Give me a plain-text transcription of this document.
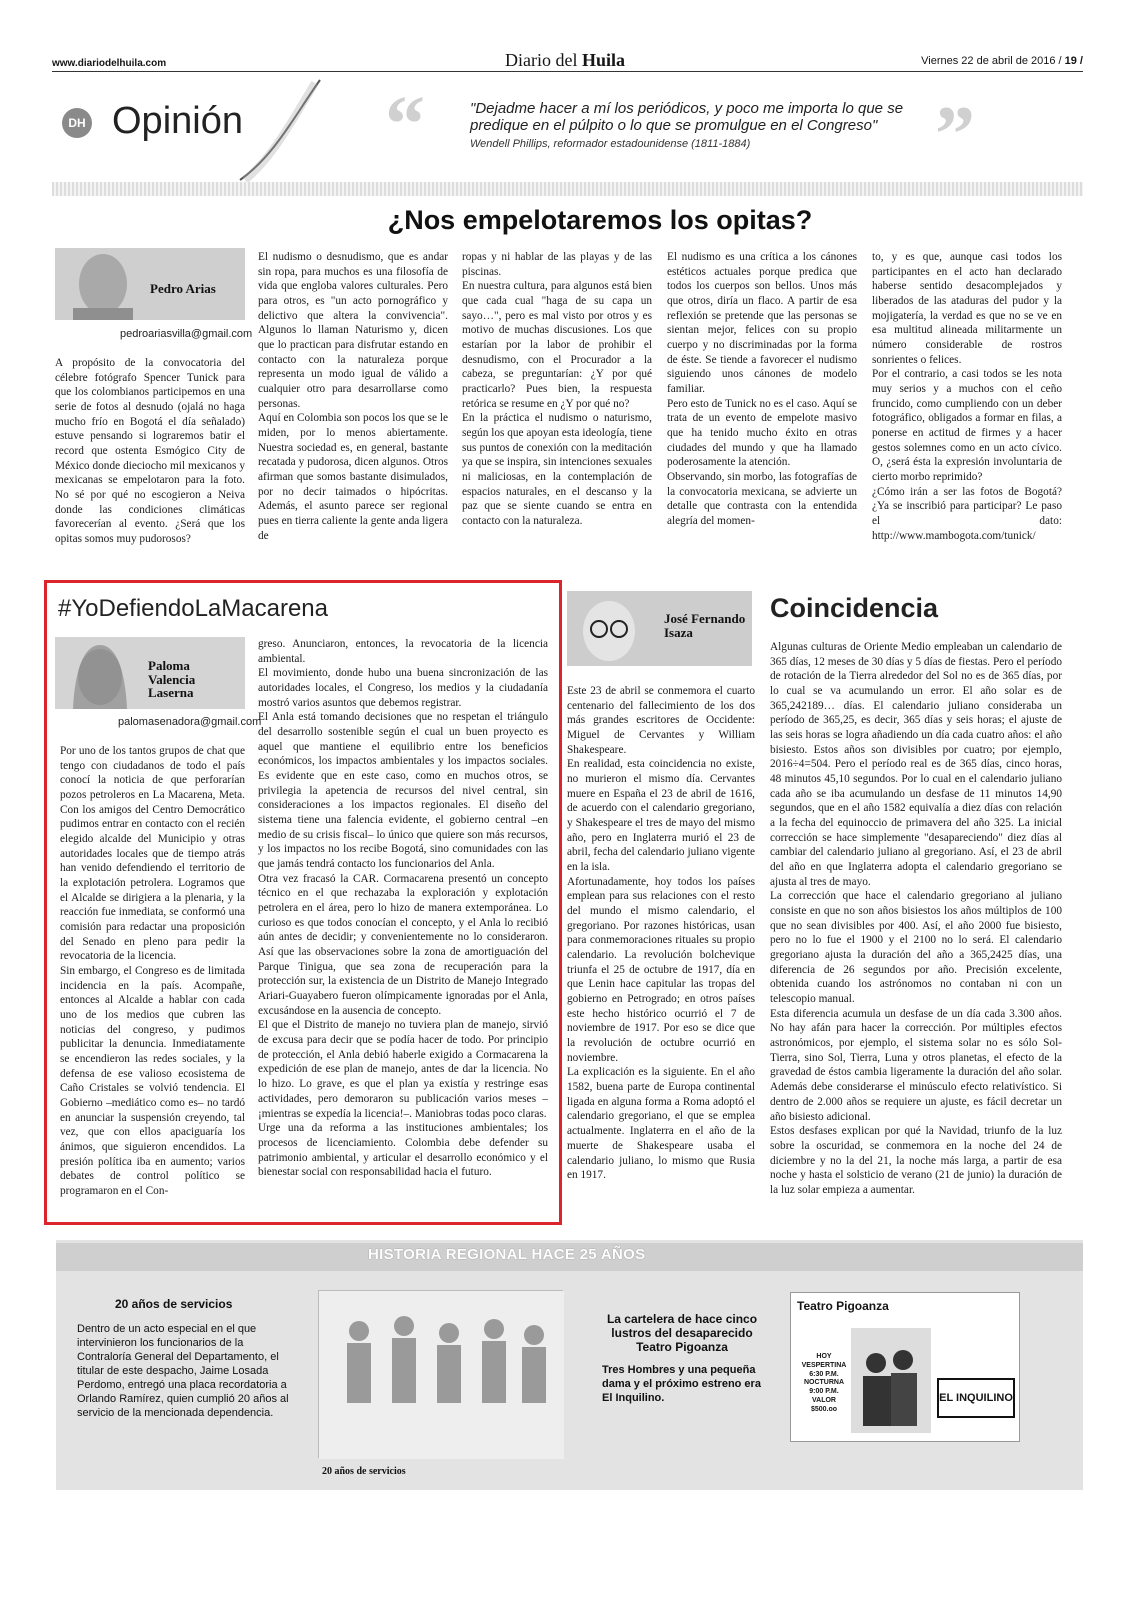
www.diariodelhuila.com	Diario del Huila	Viernes 22 de abril de 2016 / 19 /
DH Opinión “	”
"Dejadme hacer a mí los periódicos, y poco me importa lo que se predique en el púlpito o lo que se promulgue en el Congreso"
Wendell Phillips, reformador estadounidense (1811-1884)
¿Nos empelotaremos los opitas?
Pedro Arias
pedroariasvilla@gmail.com
A propósito de la convocatoria del célebre fotógrafo Spencer Tunick para que los colombianos participemos en una serie de fotos al desnudo (ojalá no haga mucho frío en Bogotá el día señalado) estuve pensando si lograremos batir el record que ostenta Esmógico City de México donde dieciocho mil mexicanos y mexicanas se empelotaron para la foto. No sé por qué no escogieron a Neiva donde las condiciones climáticas favorecerían al evento. ¿Será que los opitas somos muy pudorosos?
El nudismo o desnudismo, que es andar sin ropa, para muchos es una filosofía de vida que engloba valores culturales. Pero para otros, es "un acto pornográfico y delictivo que altera la convivencia". Algunos lo llaman Naturismo y, dicen que lo practican para disfrutar estando en contacto con la naturaleza porque representa un modo igual de válido a cualquier otro para desarrollarse como personas.
Aquí en Colombia son pocos los que se le miden, por lo menos abiertamente. Nuestra sociedad es, en general, bastante recatada y pudorosa, dicen algunos. Otros afirman que somos bastante disimulados, por no decir taimados o hipócritas. Además, el asunto parece ser regional pues en tierra caliente la gente anda ligera de
ropas y ni hablar de las playas y de las piscinas.
En nuestra cultura, para algunos está bien que cada cual "haga de su capa un sayo…", pero es mal visto por otros y es motivo de muchas discusiones. Los que estarían por la labor de prohibir el desnudismo, con el Procurador a la cabeza, se preguntarían: ¿Y por qué practicarlo? Pues bien, la respuesta retórica se resume en ¿Y por qué no?
En la práctica el nudismo o naturismo, según los que apoyan esta ideología, tiene sus puntos de conexión con la meditación ya que se inspira, sin intenciones sexuales ni maliciosas, en la contemplación de espacios naturales, en el descanso y la paz que se siente cuando se entra en contacto con la naturaleza.
El nudismo es una crítica a los cánones estéticos actuales porque predica que todos los cuerpos son bellos. Unos más que otros, diría un flaco. A partir de esa reflexión se pretende que las personas se sientan mejor, felices con su propio cuerpo y no discriminadas por la forma de éste. Se tiende a favorecer el nudismo siguiendo unos cánones de modelo familiar.
Pero esto de Tunick no es el caso. Aquí se trata de un evento de empelote masivo que ha tenido mucho éxito en otras ciudades del mundo y que ha llamado poderosamente la atención.
Observando, sin morbo, las fotografías de la convocatoria mexicana, se advierte un detalle que contrasta con la entendida alegría del momen-
to, y es que, aunque casi todos los participantes en el acto han declarado haberse sentido desacomplejados y liberados de las ataduras del pudor y la mojigatería, la verdad es que no se ve en esa multitud alineada militarmente un número considerable de rostros sonrientes o felices.
Por el contrario, a casi todos se les nota muy serios y a muchos con el ceño fruncido, como cumpliendo con un deber fotográfico, obligados a formar en filas, a ponerse en actitud de firmes y a hacer gestos solemnes como en un acto cívico. O, ¿será ésta la expresión involuntaria de cierto morbo reprimido?
¿Cómo irán a ser las fotos de Bogotá? ¿Ya se inscribió para participar? Le paso el dato: http://www.mambogota.com/tunick/
#YoDefiendoLaMacarena
Paloma Valencia Laserna
palomasenadora@gmail.com
Por uno de los tantos grupos de chat que tengo con ciudadanos de todo el país conocí la noticia de que perforarían pozos petroleros en La Macarena, Meta. Con los amigos del Centro Democrático pudimos entrar en contacto con el recién elegido alcalde del Municipio y otras autoridades locales que de tiempo atrás han venido defendiendo el territorio de la explotación petrolera. Logramos que el Alcalde se dirigiera a la plenaria, y la reacción fue inmediata, se conformó una comisión para redactar una proposición del Senado en pleno para pedir la revocatoria de la licencia.
Sin embargo, el Congreso es de limitada incidencia en la país. Acompañe, entonces al Alcalde a hablar con cada uno de los medios que cubren las noticias del congreso, y pudimos publicitar la denuncia. Inmediatamente se encendieron las redes sociales, y la defensa de ese valioso ecosistema de Caño Cristales se volvió tendencia. El Gobierno –mediático como es– no tardó en anunciar la suspensión creyendo, tal vez, que con ellos apaciguaría los ánimos, que siguieron encendidos. La presión política iba en aumento; varios debates de control político se programaron en el Con-
greso. Anunciaron, entonces, la revocatoria de la licencia ambiental.
El movimiento, donde hubo una buena sincronización de las autoridades locales, el Congreso, los medios y la ciudadanía mostró varios asuntos que debemos registrar.
El Anla está tomando decisiones que no respetan el triángulo del desarrollo sostenible según el cual un buen proyecto es aquel que mantiene el equilibrio entre los beneficios económicos, los impactos ambientales y los impactos sociales. Es evidente que en este caso, como en muchos otros, se privilegia la apetencia de recursos del nivel central, sin consideraciones a los impactos regionales. El diseño del sistema tiene una falencia evidente, el gobierno central –en medio de su crisis fiscal– lo único que quiere son más recursos, y los impactos no los recibe Bogotá, sino comunidades con las que jamás tendrá contacto los funcionarios del Anla.
Otra vez fracasó la CAR. Cormacarena presentó un concepto técnico en el que rechazaba la exploración y explotación petrolera en el área, pero lo hizo de manera extemporánea. Lo curioso es que todos conocían el concepto, y el Anla lo recibió aún antes de decidir; y convenientemente no lo consideraron. Así que las observaciones sobre la zona de amortiguación del Parque Tinigua, que sea zona de recuperación para la protección sur, la existencia de un Distrito de Manejo Integrado Ariari-Guayabero fueron olímpicamente ignoradas por el Anla, excusándose en la ausencia de concepto.
El que el Distrito de manejo no tuviera plan de manejo, sirvió de excusa para decir que se podía hacer de todo. Por principio de protección, el Anla debió haberle exigido a Cormacarena la expedición de ese plan de manejo, antes de dar la licencia. No lo hizo. Lo grave, es que el plan ya existía y restringe esas actividades, pero demoraron su publicación varios meses –¡mientras se expedía la licencia!–. Maniobras todas poco claras.
Urge una da reforma a las instituciones ambientales; los procesos de licenciamiento. Colombia debe defender su patrimonio ambiental, y articular el desarrollo económico y el bienestar social con responsabilidad hacia el futuro.
José Fernando Isaza
Coincidencia
Este 23 de abril se conmemora el cuarto centenario del fallecimiento de los dos más grandes escritores de Occidente: Miguel de Cervantes y William Shakespeare.
En realidad, esta coincidencia no existe, no murieron el mismo día. Cervantes muere en España el 23 de abril de 1616, de acuerdo con el calendario gregoriano, y Shakespeare el tres de mayo del mismo año, pero en Inglaterra murió el 23 de abril, fecha del calendario juliano vigente en la isla.
Afortunadamente, hoy todos los países emplean para sus relaciones con el resto del mundo el mismo calendario, el gregoriano. Por razones históricas, usan para conmemoraciones rituales su propio calendario. La revolución bolchevique triunfa el 25 de octubre de 1917, día en que Lenin hace capitular las tropas del gobierno en Petrogrado; en otros países este hecho histórico ocurrió el 7 de noviembre de 1917. Por eso se dice que la revolución de octubre ocurrió en noviembre.
La explicación es la siguiente. En el año 1582, buena parte de Europa continental ligada en alguna forma a Roma adoptó el calendario gregoriano, el que se emplea actualmente. Inglaterra en el año de la muerte de Shakespeare usaba el calendario juliano, lo mismo que Rusia en 1917.
Algunas culturas de Oriente Medio empleaban un calendario de 365 días, 12 meses de 30 días y 5 días de fiestas. Pero el período de rotación de la Tierra alrededor del Sol no es de 365 días, por lo cual se va acumulando un error. El año solar es de 365,242189… días. El calendario juliano consideraba un período de 365,25, es decir, 365 días y seis horas; el ajuste de las seis horas se logra añadiendo un día cada cuatro años: el año bisiesto. Estos años son divisibles por cuatro; por ejemplo, 2016÷4=504. Pero el período real es de 365 días, cinco horas, 48 minutos 45,10 segundos. Por lo cual en el calendario juliano cada año se iba acumulando un desfase de 11 minutos 14,90 segundos, que en el año 1582 equivalía a diez días con relación a la fecha del equinoccio de primavera del año 325. La inicial corrección se hace simplemente "desapareciendo" diez días al cambiar del calendario juliano al gregoriano. Así, el 23 de abril del año en que Inglaterra adopta el calendario gregoriano se ajusta al tres de mayo.
La corrección que hace el calendario gregoriano al juliano consiste en que no son años bisiestos los años múltiplos de 100 que no sean divisibles por 400. Así, el año 2000 fue bisiesto, pero no lo fue el 1900 y el 2100 no lo será. El calendario gregoriano ajusta la duración del año a 365,2425 días, una diferencia de 26 segundos por año. Precisión excelente, obtenida cuando los astrónomos no contaban ni con un telescopio manual.
Esta diferencia acumula un desfase de un día cada 3.300 años. No hay afán para hacer la corrección. Por múltiples efectos astronómicos, por ejemplo, el sistema solar no es sólo Sol-Tierra, sino Sol, Tierra, Luna y otros planetas, el efecto de la gravedad de éstos cambia ligeramente la duración del año solar. Además debe considerarse el minúsculo efecto relativístico. Si dentro de 2.000 años se requiere un ajuste, es fácil decretar un año bisiesto adicional.
Estos desfases explican por qué la Navidad, triunfo de la luz sobre la oscuridad, se conmemora en la noche del 24 de diciembre y no la del 21, la noche más larga, a partir de esa noche y hasta el solsticio de verano (21 de junio) la duración de la luz solar empieza a aumentar.
HISTORIA REGIONAL HACE 25 AÑOS
20 años de servicios
Dentro de un acto especial en el que intervinieron los funcionarios de la Contraloría General del Departamento, el titular de este despacho, Jaime Losada Perdomo, entregó una placa recordatoria a Orlando Ramírez, quien cumplió 20 años al servicio de la mencionada dependencia.
20 años de servicios
La cartelera de hace cinco lustros del desaparecido Teatro Pigoanza
Tres Hombres y una pequeña dama y el próximo estreno era El Inquilino.
Teatro Pigoanza
HOY VESPERTINA 6:30 P.M. NOCTURNA 9:00 P.M. VALOR $500.oo
EL INQUILINO
